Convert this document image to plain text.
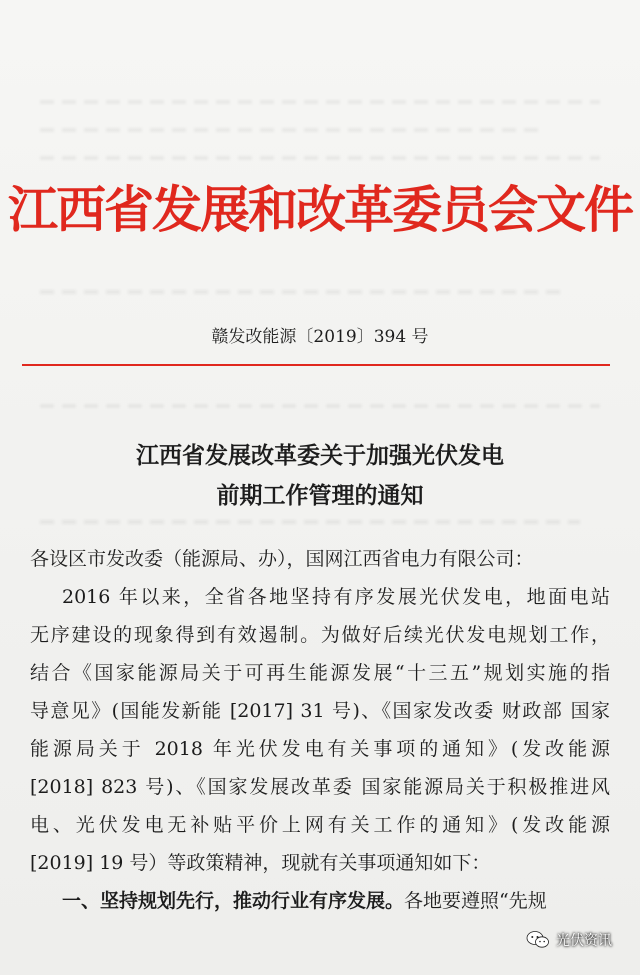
江西省发展和改革委员会文件
赣发改能源〔2019〕394 号
江西省发展改革委关于加强光伏发电
前期工作管理的通知
各设区市发改委（能源局、办），国网江西省电力有限公司：
2016 年以来，全省各地坚持有序发展光伏发电，地面电站
无序建设的现象得到有效遏制。为做好后续光伏发电规划工作，
结合《国家能源局关于可再生能源发展“十三五”规划实施的指
导意见》(国能发新能 [2017] 31 号)、《国家发改委 财政部 国家
能源局关于 2018 年光伏发电有关事项的通知》(发改能源
[2018] 823 号)、《国家发展改革委 国家能源局关于积极推进风
电、光伏发电无补贴平价上网有关工作的通知》(发改能源
[2019] 19 号）等政策精神，现就有关事项通知如下：
一、坚持规划先行，推动行业有序发展。各地要遵照“先规
光伏资讯
